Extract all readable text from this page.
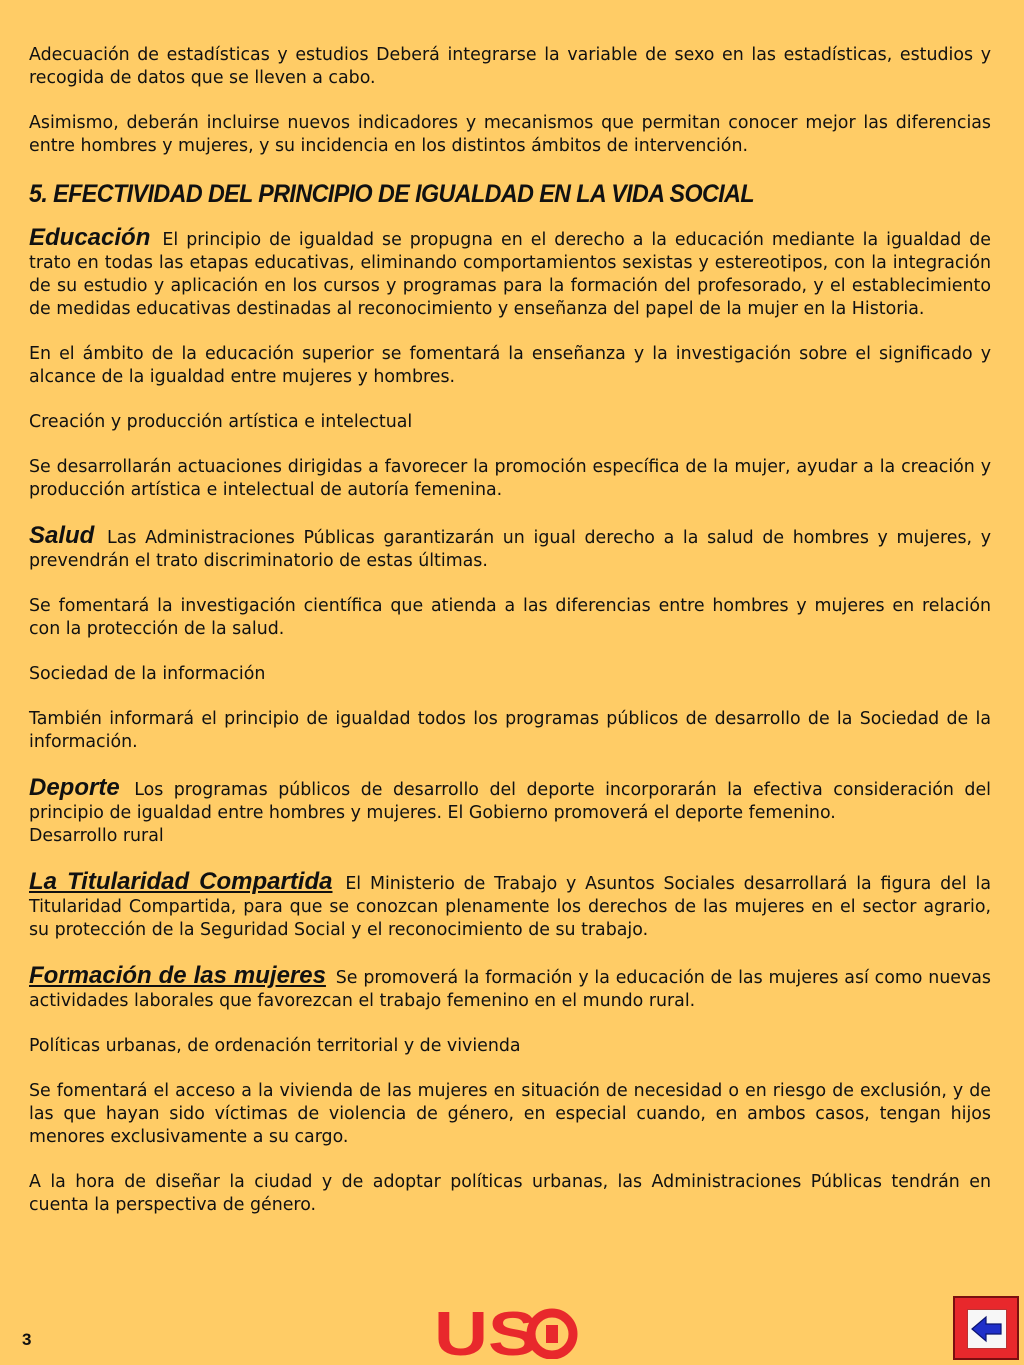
Adecuación de estadísticas y estudios Deberá integrarse la variable de sexo en las estadísticas, estudios y recogida de datos que se lleven a cabo.

Asimismo, deberán incluirse nuevos indicadores y mecanismos que permitan conocer mejor las diferencias entre hombres y mujeres, y su incidencia en los distintos ámbitos de intervención.

5. EFECTIVIDAD DEL PRINCIPIO DE IGUALDAD EN LA VIDA SOCIAL

Educación El principio de igualdad se propugna en el derecho a la educación mediante la igualdad de trato en todas las etapas educativas, eliminando comportamientos sexistas y estereotipos, con la integración de su estudio y aplicación en los cursos y programas para la formación del profesorado, y el establecimiento de medidas educativas destinadas al reconocimiento y enseñanza del papel de la mujer en la Historia.

En el ámbito de la educación superior se fomentará la enseñanza y la investigación sobre el significado y alcance de la igualdad entre mujeres y hombres.

Creación y producción artística e intelectual

Se desarrollarán actuaciones dirigidas a favorecer la promoción específica de la mujer, ayudar a la creación y producción artística e intelectual de autoría femenina.

Salud Las Administraciones Públicas garantizarán un igual derecho a la salud de hombres y mujeres, y prevendrán el trato discriminatorio de estas últimas.

Se fomentará la investigación científica que atienda a las diferencias entre hombres y mujeres en relación con la protección de la salud.

Sociedad de la información

También informará el principio de igualdad todos los programas públicos de desarrollo de la Sociedad de la información.

Deporte Los programas públicos de desarrollo del deporte incorporarán la efectiva consideración del principio de igualdad entre hombres y mujeres. El Gobierno promoverá el deporte femenino.

Desarrollo rural

La Titularidad Compartida El Ministerio de Trabajo y Asuntos Sociales desarrollará la figura del la Titularidad Compartida, para que se conozcan plenamente los derechos de las mujeres en el sector agrario, su protección de la Seguridad Social y el reconocimiento de su trabajo.

Formación de las mujeres Se promoverá la formación y la educación de las mujeres así como nuevas actividades laborales que favorezcan el trabajo femenino en el mundo rural.

Políticas urbanas, de ordenación territorial y de vivienda

Se fomentará el acceso a la vivienda de las mujeres en situación de necesidad o en riesgo de exclusión, y de las que hayan sido víctimas de violencia de género, en especial cuando, en ambos casos, tengan hijos menores exclusivamente a su cargo.

A la hora de diseñar la ciudad y de adoptar políticas urbanas, las Administraciones Públicas tendrán en cuenta la perspectiva de género.

3	US
